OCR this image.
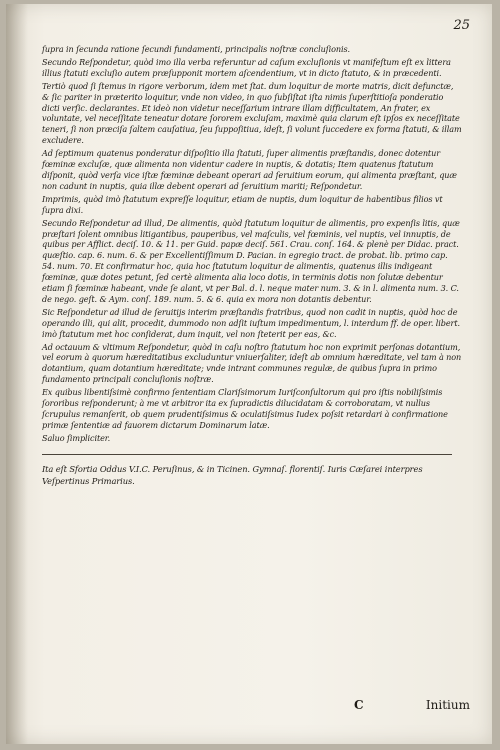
25

ſupra in ſecunda ratione ſecundi fundamenti, principalis noſtræ concluſionis.

Secundo Reſpondetur, quòd imo illa verba referuntur ad caſum excluſionis vt manifeſtum eſt ex littera illius ſtatuti excluſio autem præſupponit mortem aſcendentium, vt in dicto ſtatuto, & in præcedenti.

Tertiò quod ſi ſtemus in rigore verborum, idem met ſtat. dum loquitur de morte matris, dicit defunctæ, & ſic pariter in præterito loquitur, vnde non video, in quo ſubſiſtat iſta nimis ſuperſtitioſa ponderatio dicti verſic. declarantes. Et ideò non videtur neceſſarium intrare illam difficultatem, An frater, ex voluntate, vel neceſſitate teneatur dotare ſororem excluſam, maximè quia clarum eſt ipſos ex neceſſitate teneri, ſi non præciſa ſaltem cauſatiua, ſeu ſuppoſitiua, ideſt, ſi volunt ſuccedere ex forma ſtatuti, & illam excludere.

Ad ſeptimum quatenus ponderatur diſpoſitio illa ſtatuti, ſuper alimentis præſtandis, donec dotentur fœminæ excluſæ, quæ alimenta non videntur cadere in nuptis, & dotatis; Item quatenus ſtatutum diſponit, quòd verſa vice iſtæ fœminæ debeant operari ad ſeruitium eorum, qui alimenta præſtant, quæ non cadunt in nuptis, quia illæ debent operari ad ſeruitium mariti; Reſpondetur.

Imprimis, quòd imò ſtatutum expreſſe loquitur, etiam de nuptis, dum loquitur de habentibus filios vt ſupra dixi.

Secundo Reſpondetur ad illud, De alimentis, quòd ſtatutum loquitur de alimentis, pro expenſis litis, quæ præſtari ſolent omnibus litigantibus, pauperibus, vel maſculis, vel fœminis, vel nuptis, vel innuptis, de quibus per Afflict. deciſ. 10. & 11. per Guid. papæ deciſ. 561. Crau. conſ. 164. & plenè per Didac. pract. quæſtio. cap. 6. num. 6. & per Excellentiſſimum D. Pacian. in egregio tract. de probat. lib. primo cap. 54. num. 70. Et confirmatur hoc, quia hoc ſtatutum loquitur de alimentis, quatenus illis indigeant fœminæ, quæ dotes petunt, ſed certè alimenta alia loco dotis, in terminis dotis non ſolutæ debentur etiam ſi fœminæ habeant, vnde ſe alant, vt per Bal. d. l. neque mater num. 3. & in l. alimenta num. 3. C. de nego. geſt. & Aym. conſ. 189. num. 5. & 6. quia ex mora non dotantis debentur.

Sic Reſpondetur ad illud de ſeruitijs interim præſtandis fratribus, quod non cadit in nuptis, quòd hoc de operando illi, qui alit, procedit, dummodo non adſit iuſtum impedimentum, l. interdum ff. de oper. libert. imò ſtatutum met hoc conſiderat, dum inquit, vel non ſteterit per eas, &c.

Ad octauum & vltimum Reſpondetur, quòd in caſu noſtro ſtatutum hoc non exprimit perſonas dotantium, vel eorum à quorum hæreditatibus excluduntur vniuerſaliter, ideſt ab omnium hæreditate, vel tam à non dotantium, quam dotantium hæreditate; vnde intrant communes regulæ, de quibus ſupra in primo fundamento principali concluſionis noſtræ.

Ex quibus libentiſsimè confirmo ſententiam Clariſsimorum Iuriſconſultorum qui pro iſtis nobiliſsimis ſororibus reſponderunt; à me vt arbitror ita ex ſupradictis dilucidatam & corroboratam, vt nullus ſcrupulus remanſerit, ob quem prudentiſsimus & oculatiſsimus Iudex poſsit retardari à confirmatione primæ ſententiæ ad fauorem dictarum Dominarum latæ.

Saluo ſimpliciter.

Ita eſt Sfortia Oddus V.I.C. Peruſinus, & in Ticinen. Gymnaſ. florentiſ. Iuris Cæſarei interpres

Veſpertinus Primarius.

C	Initium
